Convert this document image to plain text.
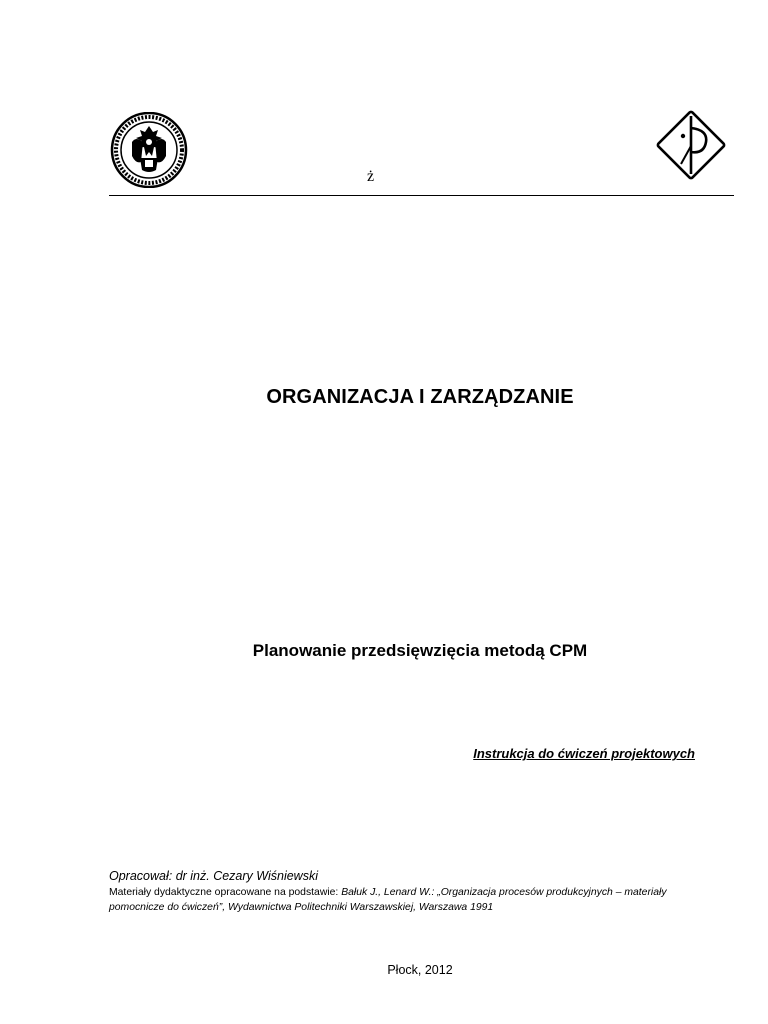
ż
ORGANIZACJA I ZARZĄDZANIE
Planowanie przedsięwzięcia metodą CPM
Instrukcja do ćwiczeń projektowych
Opracował: dr inż. Cezary Wiśniewski
Materiały dydaktyczne opracowane na podstawie: Bałuk J., Lenard W.: „Organizacja procesów produkcyjnych – materiały pomocnicze do ćwiczeń”, Wydawnictwa Politechniki Warszawskiej, Warszawa 1991
Płock, 2012
